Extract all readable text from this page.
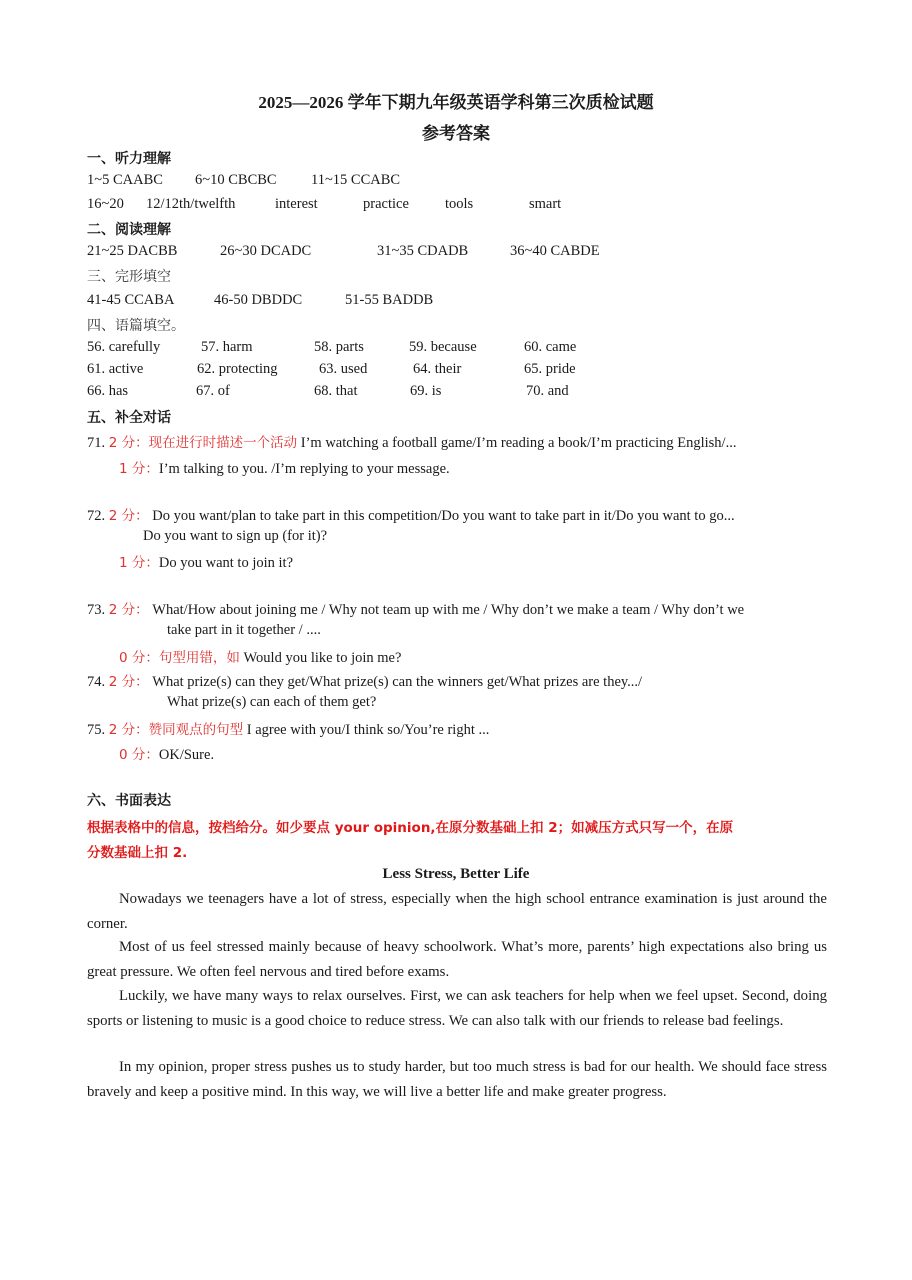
2025—2026 学年下期九年级英语学科第三次质检试题
参考答案
一、听力理解
1~5 CAABC 6~10 CBCBC 11~15 CCABC
16~20 12/12th/twelfth	interest	practice tools	smart
二、阅读理解
21~25 DACBB	26~30 DCADC	31~35 CDADB	36~40 CABDE
三、完形填空
41-45 CCABA	46-50 DBDDC	51-55 BADDB
四、语篇填空。
56. carefully	57. harm	58. parts	59. because	60. came
61. active	62. protecting	63. used	64. their	65. pride
66. has	67. of	68. that	69. is	70. and
五、补全对话
71. 2 分：现在进行时描述一个活动 I’m watching a football game/I’m reading a book/I’m practicing English/...
1 分：I’m talking to you. /I’m replying to your message.
72. 2 分： Do you want/plan to take part in this competition/Do you want to take part in it/Do you want to go...
Do you want to sign up (for it)?
1 分：Do you want to join it?
73. 2 分： What/How about joining me / Why not team up with me / Why don’t we make a team / Why don’t we
take part in it together / ....
0 分：句型用错，如 Would you like to join me?
74. 2 分： What prize(s) can they get/What prize(s) can the winners get/What prizes are they.../
What prize(s) can each of them get?
75. 2 分：赞同观点的句型 I agree with you/I think so/You’re right ...
0 分：OK/Sure.
六、书面表达
根据表格中的信息，按档给分。如少要点 your opinion,在原分数基础上扣 2；如减压方式只写一个，在原
分数基础上扣 2.
Less Stress, Better Life
Nowadays we teenagers have a lot of stress, especially when the high school entrance examination is just around the corner.
Most of us feel stressed mainly because of heavy schoolwork. What’s more, parents’ high expectations also bring us great pressure. We often feel nervous and tired before exams.
Luckily, we have many ways to relax ourselves. First, we can ask teachers for help when we feel upset. Second, doing sports or listening to music is a good choice to reduce stress. We can also talk with our friends to release bad feelings.
In my opinion, proper stress pushes us to study harder, but too much stress is bad for our health. We should face stress bravely and keep a positive mind. In this way, we will live a better life and make greater progress.
